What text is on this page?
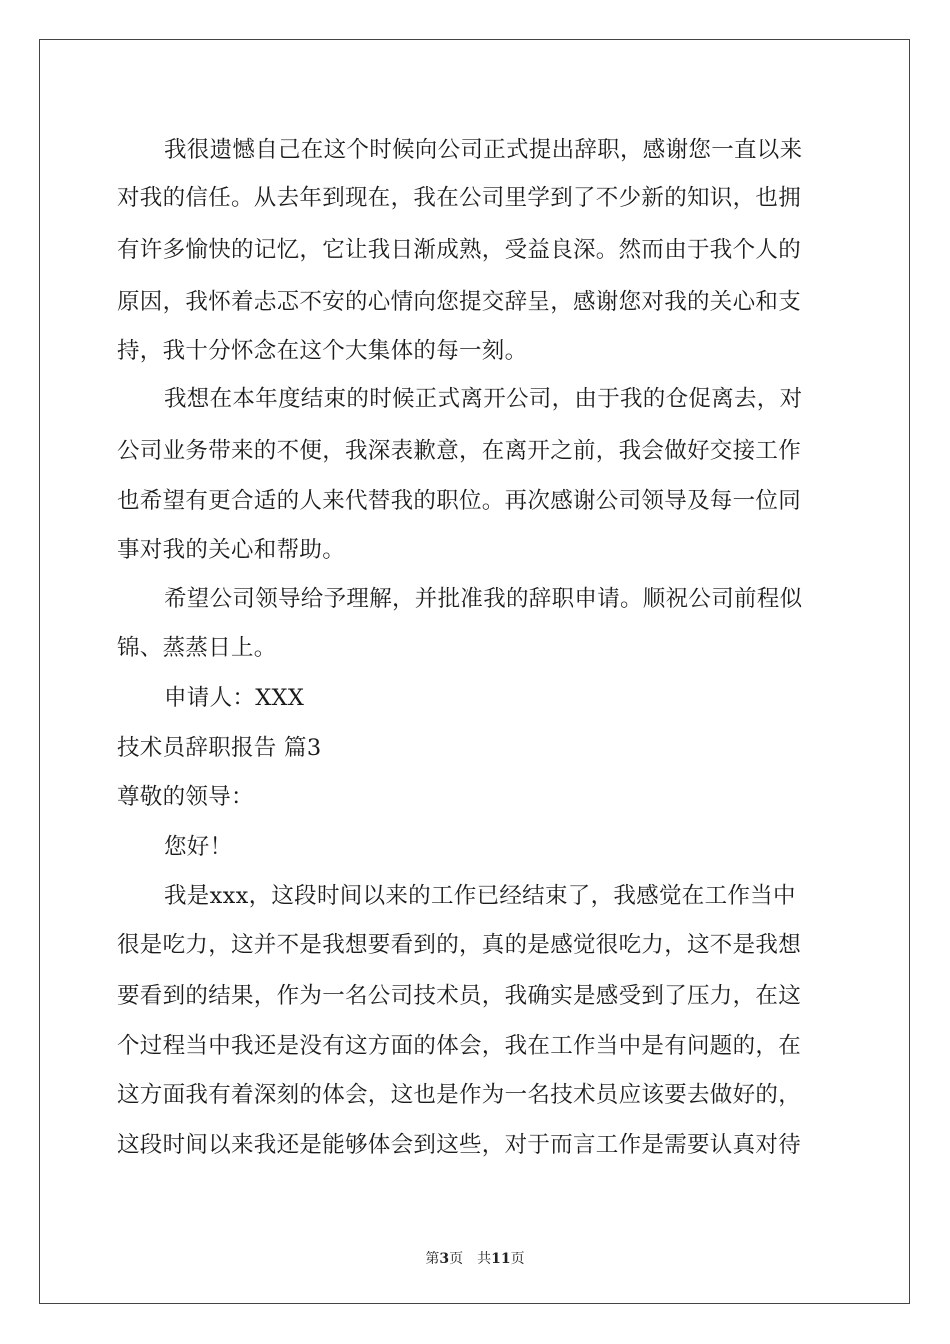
我很遗憾自己在这个时候向公司正式提出辞职，感谢您一直以来
对我的信任。从去年到现在，我在公司里学到了不少新的知识，也拥
有许多愉快的记忆，它让我日渐成熟，受益良深。然而由于我个人的
原因，我怀着忐忑不安的心情向您提交辞呈，感谢您对我的关心和支
持，我十分怀念在这个大集体的每一刻。
我想在本年度结束的时候正式离开公司，由于我的仓促离去，对
公司业务带来的不便，我深表歉意，在离开之前，我会做好交接工作
也希望有更合适的人来代替我的职位。再次感谢公司领导及每一位同
事对我的关心和帮助。
希望公司领导给予理解，并批准我的辞职申请。顺祝公司前程似
锦、蒸蒸日上。
申请人：XXX
技术员辞职报告 篇3
尊敬的领导：
您好！
我是xxx，这段时间以来的工作已经结束了，我感觉在工作当中
很是吃力，这并不是我想要看到的，真的是感觉很吃力，这不是我想
要看到的结果，作为一名公司技术员，我确实是感受到了压力，在这
个过程当中我还是没有这方面的体会，我在工作当中是有问题的，在
这方面我有着深刻的体会，这也是作为一名技术员应该要去做好的，
这段时间以来我还是能够体会到这些，对于而言工作是需要认真对待
第3页 共11页
